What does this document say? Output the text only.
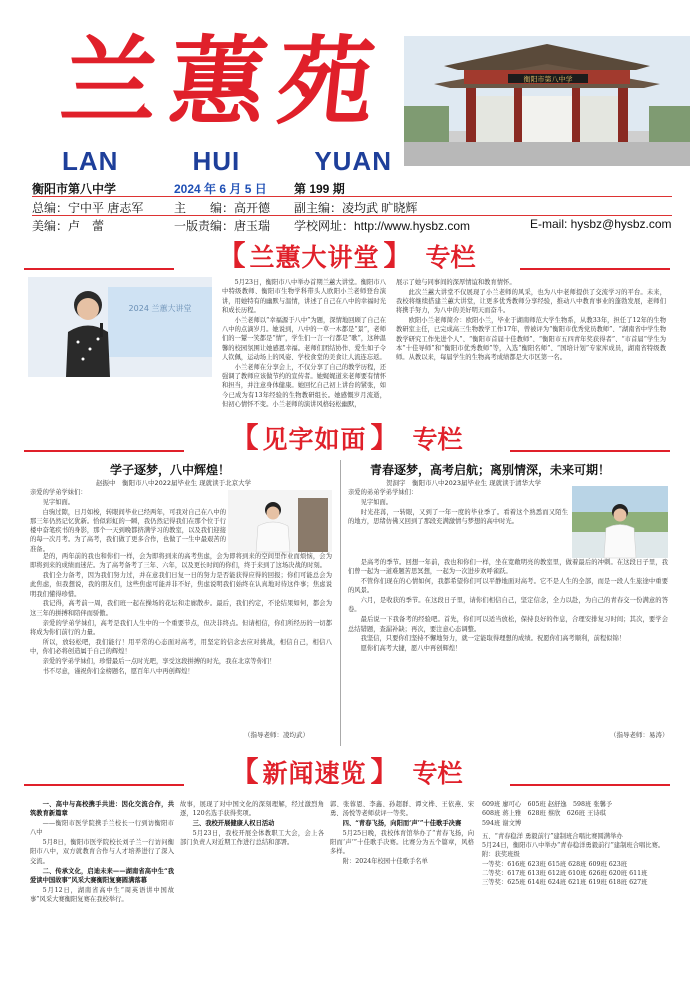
兰
蕙
苑
LAN	HUI	YUAN
衡阳市第八中学
衡阳市第八中学	2024 年 6 月 5 日 第 199 期
总编：宁中平 唐志军	主　　编：高开德 副主编：凌均武 旷晓辉
美编：卢　蕾	一版责编：唐玉瑞 学校网址：http://www.hysbz.com	E-mail: hysbz@hysbz.com
【 兰蕙大讲堂 】 专栏
2024 兰蕙大讲堂

5月23日，衡阳市八中举办首期兰蕙大讲堂。衡阳市八中特级教师、衡阳市生物学科带头人欧阳小兰老师登台演讲，用她特有的幽默与温情，讲述了自己在八中的幸福时光和成长历程。

小兰老师以“幸福源于八中”为题，深情地回顾了自己在八中的点滴岁月。她说到，八中的一草一木都是“景”，老师们的一颦一笑都是“情”，学生们一言一行都是“歌”，这种温馨的校园氛围让她感恩幸福。老师们团结协作、爱生如子令人钦佩，运动场上的风姿、学校食堂的美食让人流连忘返。

小兰老师在分享会上，不仅分享了自己的教学历程，还强调了教师应该做节约的宣传者。她娓娓道来老师要有情怀和担当，并注意身体健康。她回忆自己初上讲台的紧张，如今已成为有13年经验的生物教研组长。她感慨岁月流逝，但初心情怀不变。小兰老师的演讲风格轻松幽默，

展示了她与同事间的深厚情谊和教育情怀。

此次兰蕙大讲堂不仅展现了小兰老师的风采，也为八中老师提供了交流学习的平台。未来，我校将继续搭建兰蕙大讲堂，让更多优秀教师分享经验，推动八中教育事业的蓬勃发展，老师们将携手努力，为八中的美好明天而奋斗。

欧阳小兰老师简介：欧阳小兰，毕业于湖南师范大学生物系，从教33年，担任了12年的生物教研室主任，已完成高三生物教学工作17年，曾被评为“衡阳市优秀党员教师”、“湖南省中学生物教学研究工作先进个人”、“衡阳市首届十佳教师”、“衡阳市五四青年奖获得者”、“市首届“学生为本”十佳导师”和“衡阳市优秀教师”等，入选“衡阳名师”、“国培计划”专家库成员，湖南省特级教师。从教以来，每届学生的生物高考成绩都是大市区第一名。

【 见字如面 】 专栏
学子逐梦，八中辉煌！
赵振中　衡阳市八中2022届毕业生 现就读于北京大学

亲爱的学弟学妹们：

见字如面。

白驹过隙，日月如梭，转眼间毕业已经两年，可我对自己在八中的那三年仍然记忆犹新。恰似彩虹的一瞬，我仍然记得我们在那个位于行楼中奋笔疾书的身影，那个一天到晚都挤满学习的教室，以及我们迎接的每一次月考。为了高考，我们做了更多合作，也做了一生中最艰苦的准备。

是的，两年前的我也和你们一样，会为即将到来的高考焦虑，会为即将到来的空间里作业而烦恼，会为即将到来的成绩而迷茫。为了高考备考了三年、六年，以及更长时间的你们，终于来到了这场决战的时刻。

我们全力备考，因为我们努力过，并在意我们日复一日的努力是否能获得应得的回报；你们可能总会为此焦虑，但我想说，我的朋友们，这些焦虑可能并非不好，焦虑说明我们始终在认真地对待这件事；焦虑说明我们懂得珍惜。

我记得，高考前一周，我们班一起在操场的花坛和走廊散步。最后，我们约定，不论结果如何，都会为这三年的拼搏和陪伴而骄傲。

亲爱的学弟学妹们，高考是我们人生中的一个重要节点，但决非终点。但请相信，你们所经历的一切都将成为你们前行的力量。

所以，放轻松吧，我们能行！用平常的心态面对高考，用坚定的信念去应对挑战，相信自己，相信八中，你们必将创造属于自己的辉煌！

亲爱的学弟学妹们，珍惜最后一点时光吧，享受这段拼搏的时光，我在北京等你们！

书不尽意，谨祝你们金榜题名，愿百年八中再创辉煌！

（指导老师：凌均武）
青春逐梦，高考启航；离别情深，未来可期！
贺洞宇　衡阳市八中2023届毕业生 现就读于清华大学

亲爱的弟弟学弟学妹们：

见字如面。

时光荏苒，一转眼，又到了一年一度的毕业季了。看着这个熟悉而又陌生的地方，思绪仿佛又回到了那段充满激情与梦想的高中时光。

是高考的季节。回想一年前，我也和你们一样，坐在宽敞明亮的教室里，做着最后的冲刺。在这段日子里，我们曾一起为一道难题苦思冥想，一起为一次进步欢呼雀跃。

不管你们现在的心情如何，我都希望你们可以平静地面对高考。它不是人生的全部，而是一段人生旅途中重要的风景。

六月，是收获的季节。在这段日子里，请你们相信自己，坚定信念，全力以赴，为自己的青春交一份满意的答卷。

最后说一下我备考的经验吧。首先，你们可以适当放松，保持良好的作息，合理安排复习时间；其次，要学会总结错题，查漏补缺；再次，要注意心态调整。

我坚信，只要你们坚持不懈地努力，就一定能取得理想的成绩。祝愿你们高考顺利，前程似锦！

愿你们高考大捷，愿八中再创辉煌！

（指导老师：易涛）
【 新闻速览 】 专栏

一、高中与高校携手共进：因化交流合作，共筑教育新篇章

——衡阳市医学院携手兰校长一行到访衡阳市八中

5月8日，衡阳市医学院校长刘子兰一行访问衡阳市八中，双方就教育合作与人才培养进行了深入交流。

二、传承文化，启迪未来——湖南省高中生“我爱读中国故事”风采大赛衡阳复赛圆满落幕

5月12日，湖南省高中生“周英语讲中国故事”风采大赛衡阳复赛在我校举行。

故事，展现了对中国文化的深刻理解，经过激烈角逐，120名选手获得奖项。

三、我校开展健康人权日活动

5月23日，我校开展全体教职工大会，会上各部门负责人对近期工作进行总结和部署。

郭、张蓉恩、李鑫、孙超群、谭文桦、王依燕、宋勇、汤悦等老师获评一等奖。

四、“青春飞扬，向阳而‘声’”十佳歌手决赛

5月25日晚，我校体育馆举办了“青春飞扬，向阳而‘声’”十佳歌手决赛。比赛分为五个篇章，风格多样。

附：2024年校园十佳歌手名单

609班 廖可心　605班 赵舒逸　598班 张馨予

608班 蒋上雅　628班 蔡欣　626班 王诗琪

594班 谢文博

五、“青春稳洋 勇毅前行”建制班合唱比赛圆满举办

5月24日，衡阳市八中举办“青春稳洋勇毅前行”建制班合唱比赛。

附：获奖班级

一等奖：616班 623班 615班 628班 609班 623班

二等奖：617班 613班 612班 610班 626班 620班 611班

三等奖：625班 614班 624班 621班 619班 618班 627班
